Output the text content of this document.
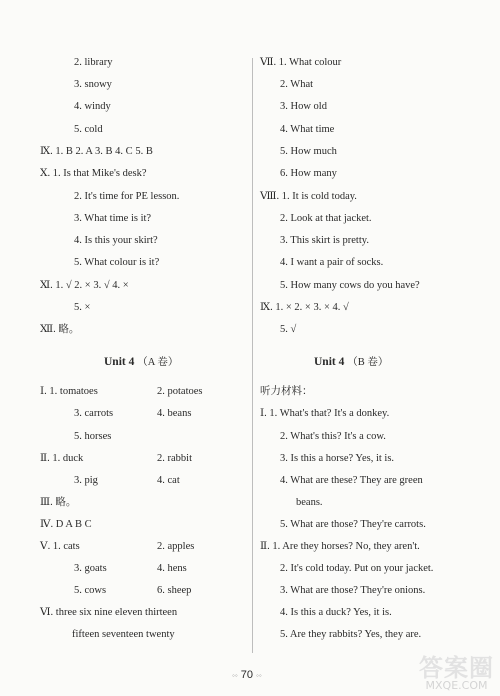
2. library
3. snowy
4. windy
5. cold
Ⅸ. 1. B 2. A 3. B 4. C 5. B
Ⅹ. 1. Is that Mike's desk?
2. It's time for PE lesson.
3. What time is it?
4. Is this your skirt?
5. What colour is it?
Ⅺ. 1. √ 2. × 3. √ 4. ×
5. ×
Ⅻ. 略。
Unit 4 （A 卷）
Ⅰ. 1. tomatoes	2. potatoes
3. carrots	4. beans
5. horses
Ⅱ. 1. duck	2. rabbit
3. pig	4. cat
Ⅲ. 略。
Ⅳ. D A B C
Ⅴ. 1. cats	2. apples
3. goats	4. hens
5. cows	6. sheep
Ⅵ. three six nine eleven thirteen
fifteen seventeen twenty
Ⅶ. 1. What colour
2. What
3. How old
4. What time
5. How much
6. How many
Ⅷ. 1. It is cold today.
2. Look at that jacket.
3. This skirt is pretty.
4. I want a pair of socks.
5. How many cows do you have?
Ⅸ. 1. × 2. × 3. × 4. √
5. √
Unit 4 （B 卷）
听力材料：
Ⅰ. 1. What's that? It's a donkey.
2. What's this? It's a cow.
3. Is this a horse? Yes, it is.
4. What are these? They are green
beans.
5. What are those? They're carrots.
Ⅱ. 1. Are they horses? No, they aren't.
2. It's cold today. Put on your jacket.
3. What are those? They're onions.
4. Is this a duck? Yes, it is.
5. Are they rabbits? Yes, they are.
◦◦ 70 ◦◦	答案圈
MXQE.COM
